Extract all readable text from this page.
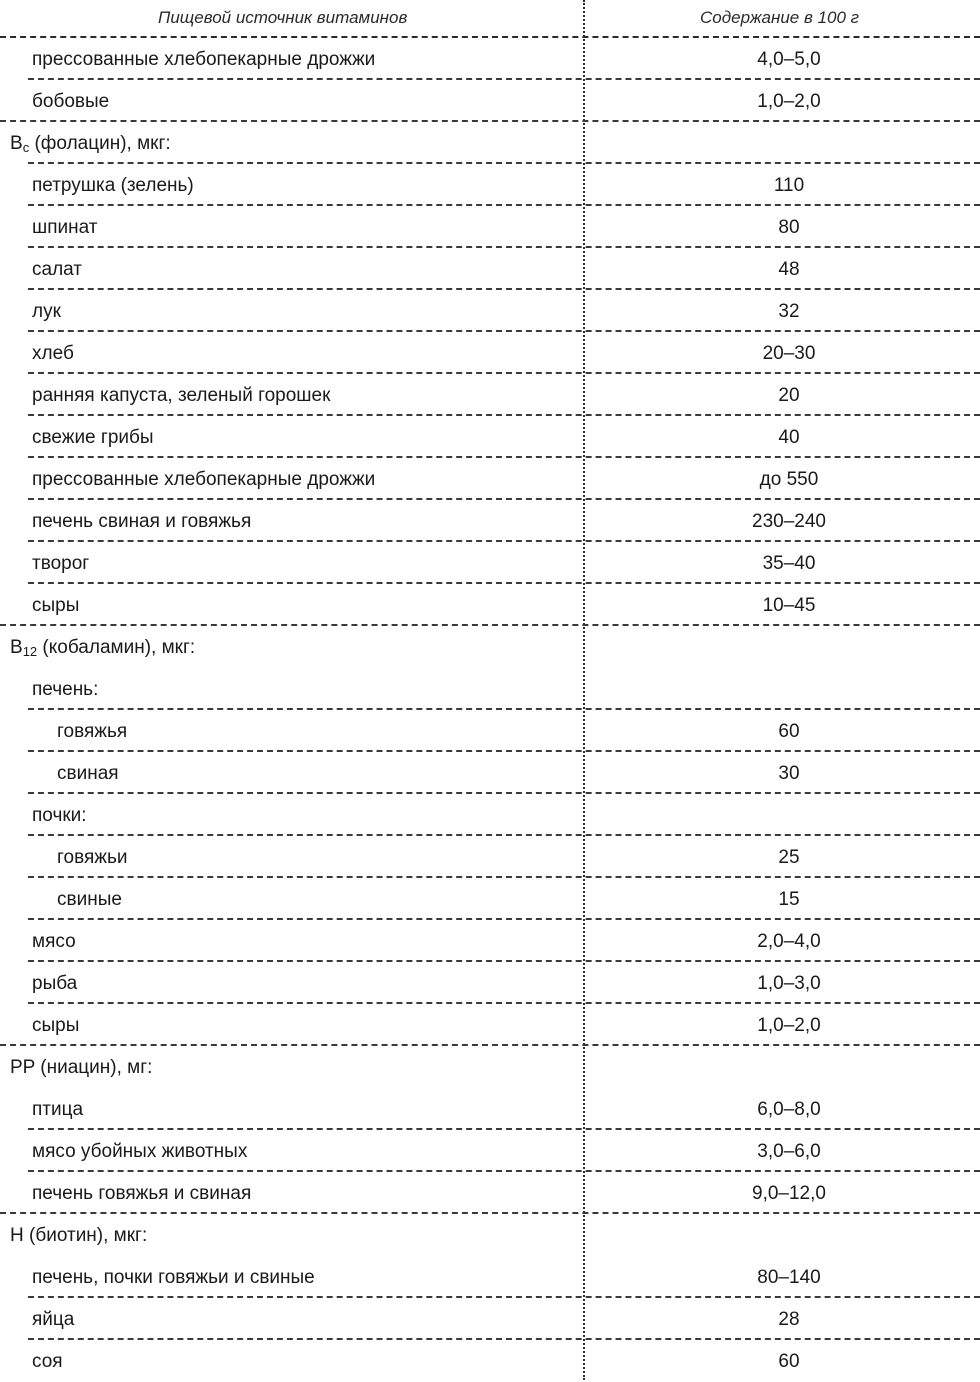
Пищевой источник витаминов	Содержание в 100 г
прессованные хлебопекарные дрожжи	4,0–5,0
бобовые	1,0–2,0
$B_c$ (фолацин), мкг:
петрушка (зелень)	110
шпинат	80
салат	48
лук	32
хлеб	20–30
ранняя капуста, зеленый горошек	20
свежие грибы	40
прессованные хлебопекарные дрожжи	до 550
печень свиная и говяжья	230–240
творог	35–40
сыры	10–45
$B_{12}$ (кобаламин), мкг:
печень:
говяжья	60
свиная	30
почки:
говяжьи	25
свиные	15
мясо	2,0–4,0
рыба	1,0–3,0
сыры	1,0–2,0
PP (ниацин), мг:
птица	6,0–8,0
мясо убойных животных	3,0–6,0
печень говяжья и свиная	9,0–12,0
H (биотин), мкг:
печень, почки говяжьи и свиные	80–140
яйца	28
соя	60
